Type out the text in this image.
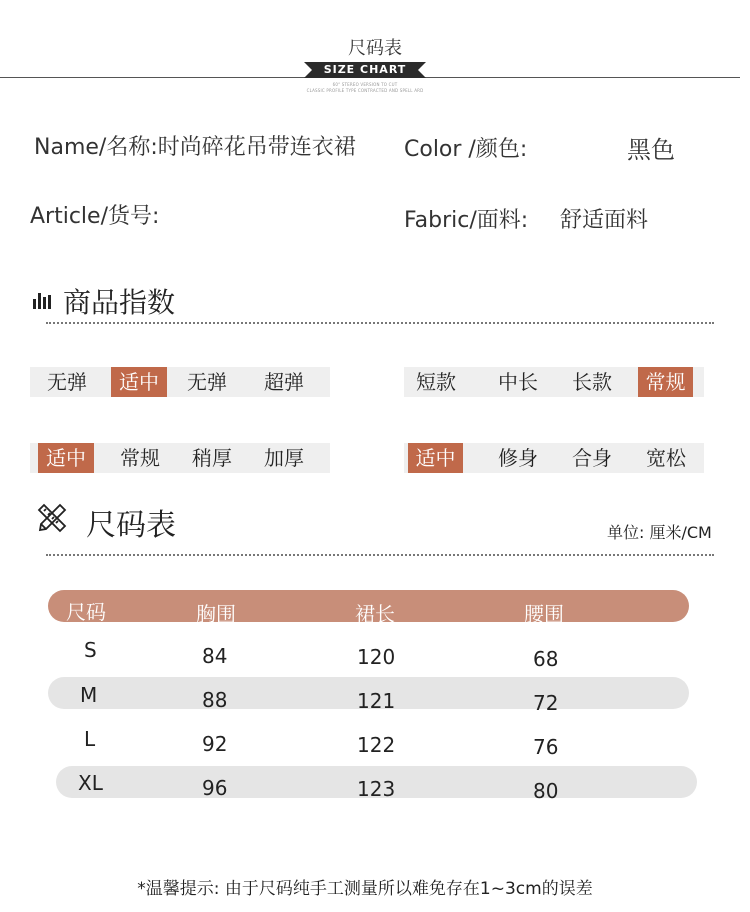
尺码表
SIZE CHART
60° STEREO VERSION TO CUT
CLASSIC PROFILE TYPE CONTRACTED AND SPELL ARD
Name/名称:时尚碎花吊带连衣裙 Color /颜色:	黑色
Article/货号:	Fabric/面料: 舒适面料
商品指数
无弹	适中	无弹	超弹	短款	中长	长款	常规
适中	常规	稍厚	加厚	适中	修身	合身	宽松
尺码表	单位: 厘米/CM
尺码	胸围	裙长	腰围
S	84	120	68
M	88	121	72
L	92	122	76
XL	96	123	80
*温馨提示: 由于尺码纯手工测量所以难免存在1~3cm的误差
